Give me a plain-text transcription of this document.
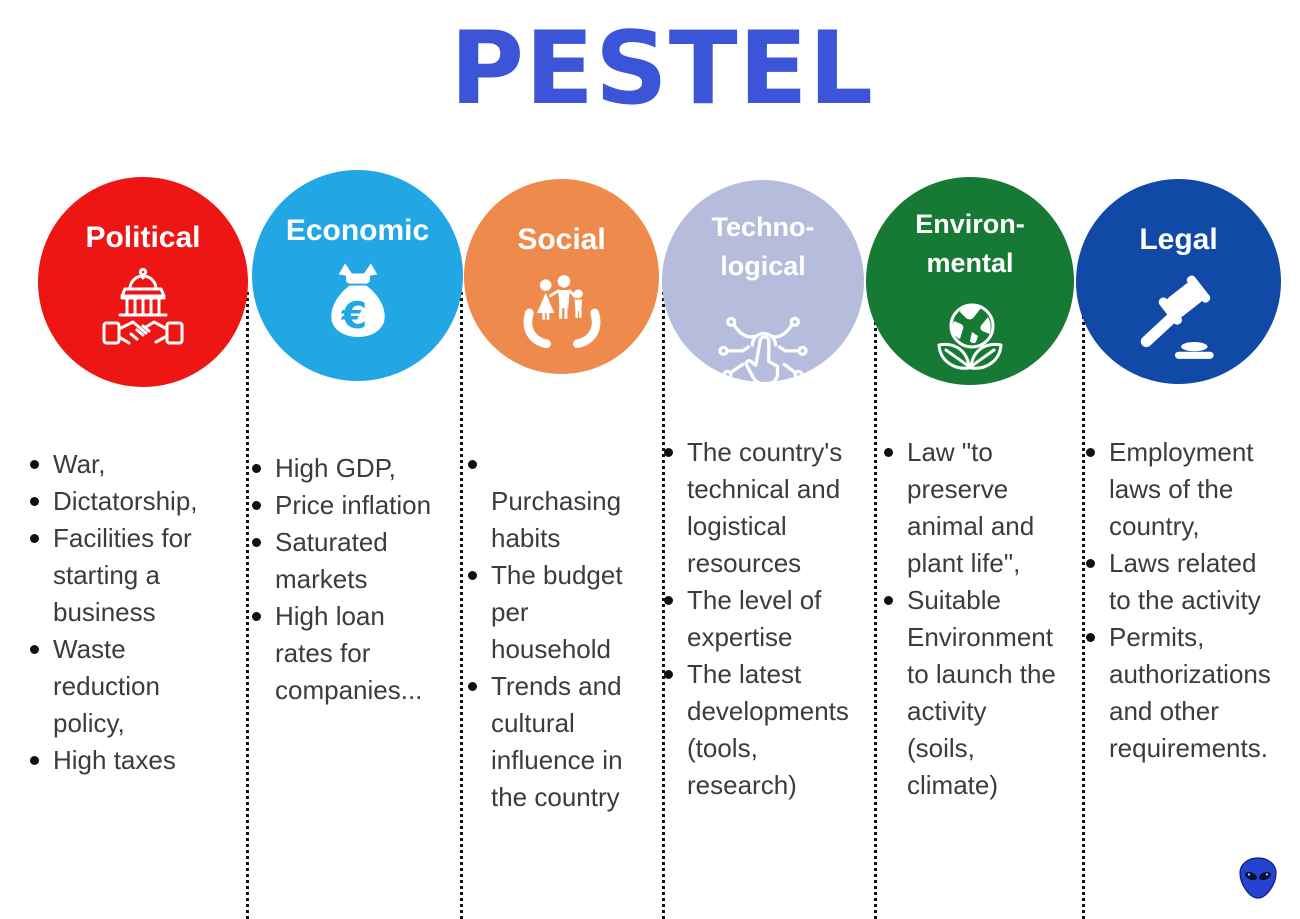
PESTEL
Political
War,
Dictatorship,
Facilities for starting a business
Waste reduction policy,
High taxes
Economic
€
High GDP,
Price inflation
Saturated markets
High loan rates for companies...
Social
Purchasing habits
The budget per household
Trends and cultural influence in the country
Techno-
logical
The country's technical and logistical resources
The level of expertise
The latest developments (tools, research)
Environ-
mental
Law "to preserve animal and plant life",
Suitable Environment to launch the activity (soils, climate)
Legal
Employment laws of the country,
Laws related to the activity
Permits, authorizations and other requirements.
